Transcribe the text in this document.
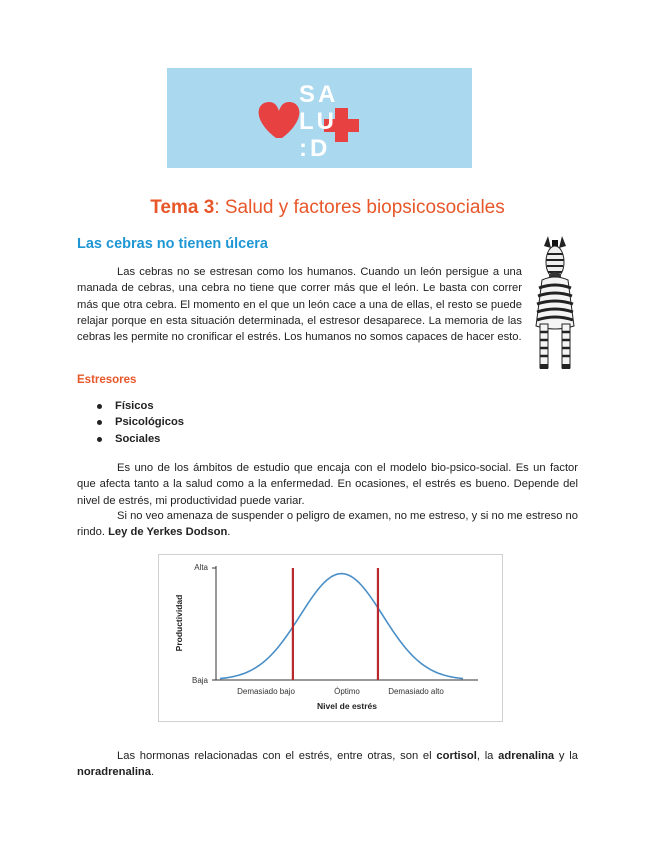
SA
LU
:D
Tema 3: Salud y factores biopsicosociales
Las cebras no tienen úlcera
Las cebras no se estresan como los humanos. Cuando un león persigue a una manada de cebras, una cebra no tiene que correr más que el león. Le basta con correr más que otra cebra. El momento en el que un león cace a una de ellas, el resto se puede relajar porque en esta situación determinada, el estresor desaparece. La memoria de las cebras les permite no cronificar el estrés. Los humanos no somos capaces de hacer esto.
Estresores
Físicos
Psicológicos
Sociales
Es uno de los ámbitos de estudio que encaja con el modelo bio-psico-social. Es un factor que afecta tanto a la salud como a la enfermedad. En ocasiones, el estrés es bueno. Depende del nivel de estrés, mi productividad puede variar.
Si no veo amenaza de suspender o peligro de examen, no me estreso, y si no me estreso no rindo. Ley de Yerkes Dodson.
Alta
Baja
Demasiado bajo	Óptimo	Demasiado alto
Nivel de estrés
Productividad
Las hormonas relacionadas con el estrés, entre otras, son el cortisol, la adrenalina y la noradrenalina.
